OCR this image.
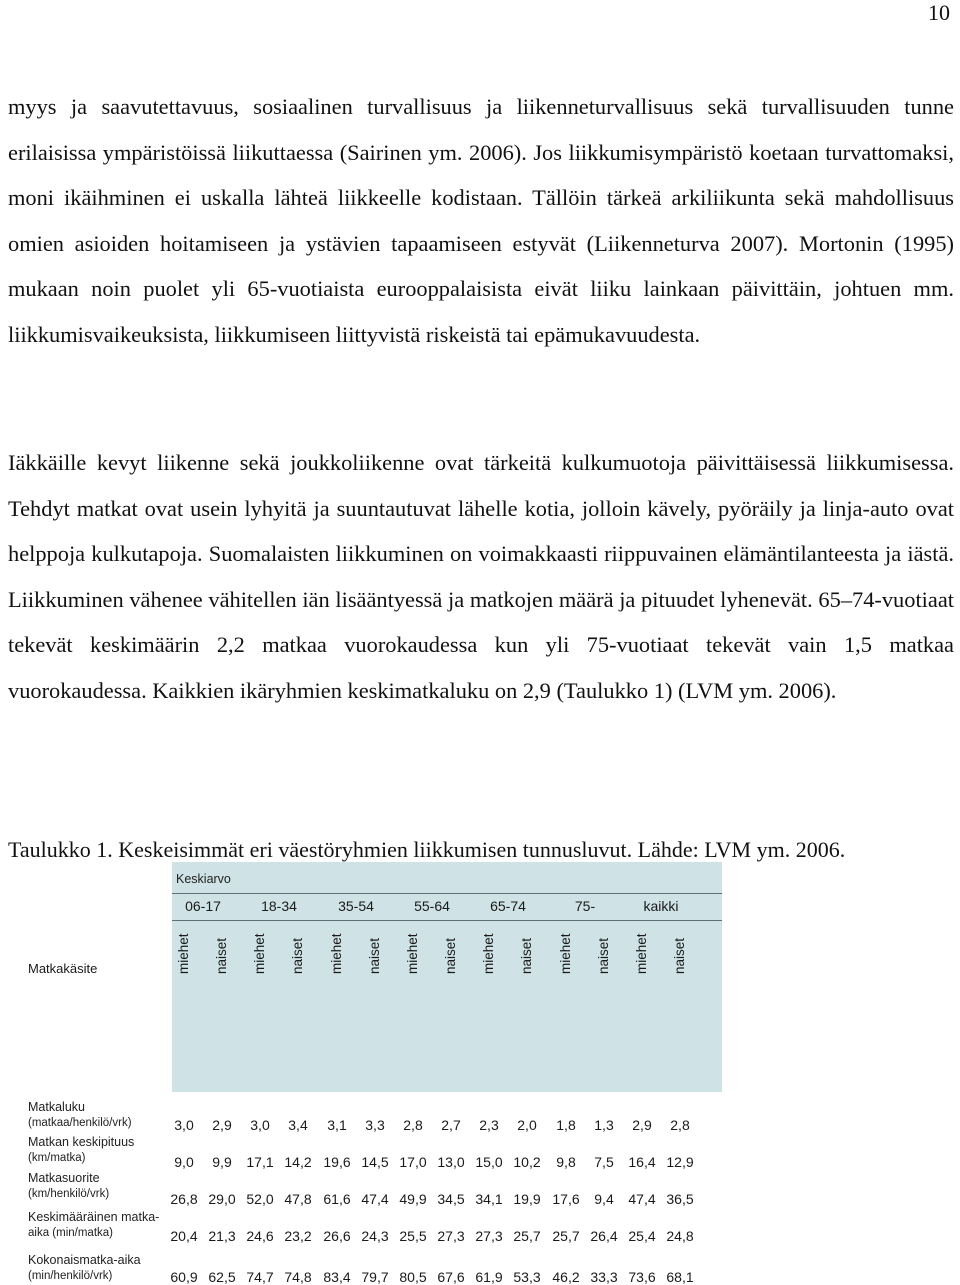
10

myys ja saavutettavuus, sosiaalinen turvallisuus ja liikenneturvallisuus sekä turvallisuuden tunne erilaisissa ympäristöissä liikuttaessa (Sairinen ym. 2006). Jos liikkumisympäristö koetaan turvattomaksi, moni ikäihminen ei uskalla lähteä liikkeelle kodistaan. Tällöin tärkeä arkiliikunta sekä mahdollisuus omien asioiden hoitamiseen ja ystävien tapaamiseen estyvät (Liikenneturva 2007). Mortonin (1995) mukaan noin puolet yli 65-vuotiaista eurooppalaisista eivät liiku lainkaan päivittäin, johtuen mm. liikkumisvaikeuksista, liikkumiseen liittyvistä riskeistä tai epämukavuudesta.

Iäkkäille kevyt liikenne sekä joukkoliikenne ovat tärkeitä kulkumuotoja päivittäisessä liikkumisessa. Tehdyt matkat ovat usein lyhyitä ja suuntautuvat lähelle kotia, jolloin kävely, pyöräily ja linja-auto ovat helppoja kulkutapoja. Suomalaisten liikkuminen on voimakkaasti riippuvainen elämäntilanteesta ja iästä. Liikkuminen vähenee vähitellen iän lisääntyessä ja matkojen määrä ja pituudet lyhenevät. 65–74-vuotiaat tekevät keskimäärin 2,2 matkaa vuorokaudessa kun yli 75-vuotiaat tekevät vain 1,5 matkaa vuorokaudessa. Kaikkien ikäryhmien keskimatkaluku on 2,9 (Taulukko 1) (LVM ym. 2006).

Taulukko 1. Keskeisimmät eri väestöryhmien liikkumisen tunnusluvut. Lähde: LVM ym. 2006.
Keskiarvo
Matkakäsite
06-17	18-34	35-54	55-64	65-74	75-	kaikki
miehet naiset miehet naiset miehet naiset miehet naiset miehet naiset miehet naiset miehet naiset
Matkaluku
(matkaa/henkilö/vrk)	3,0	2,9	3,0	3,4	3,1	3,3	2,8	2,7	2,3	2,0	1,8	1,3	2,9	2,8
Matkan keskipituus
(km/matka)	9,0	9,9	17,1 14,2 19,6 14,5 17,0 13,0 15,0 10,2	9,8	7,5	16,4 12,9
Matkasuorite
(km/henkilö/vrk)	26,8 29,0 52,0 47,8 61,6 47,4 49,9 34,5 34,1 19,9 17,6	9,4	47,4 36,5
Keskimääräinen matka-
aika (min/matka)	20,4 21,3 24,6 23,2 26,6 24,3 25,5 27,3 27,3 25,7 25,7 26,4 25,4 24,8
Kokonaismatka-aika
(min/henkilö/vrk)	60,9 62,5 74,7 74,8 83,4 79,7 80,5 67,6 61,9 53,3 46,2 33,3 73,6 68,1
